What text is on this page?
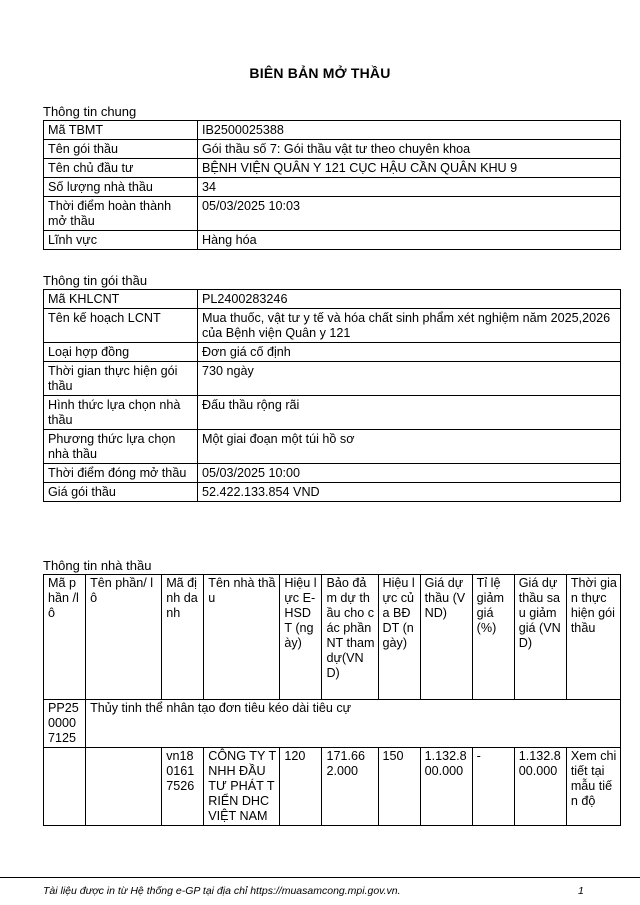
BIÊN BẢN MỞ THẦU
Thông tin chung
Mã TBMT	IB2500025388
Tên gói thầu	Gói thầu số 7: Gói thầu vật tư theo chuyên khoa
Tên chủ đầu tư	BỆNH VIỆN QUÂN Y 121 CỤC HẬU CẦN QUÂN KHU 9
Số lượng nhà thầu	34
Thời điểm hoàn thành mở thầu	05/03/2025 10:03
Lĩnh vực	Hàng hóa
Thông tin gói thầu
Mã KHLCNT	PL2400283246
Tên kế hoạch LCNT	Mua thuốc, vật tư y tế và hóa chất sinh phẩm xét nghiệm năm 2025,2026 của Bệnh viện Quân y 121
Loại hợp đồng	Đơn giá cố định
Thời gian thực hiện gói thầu	730 ngày
Hình thức lựa chọn nhà thầu	Đấu thầu rộng rãi
Phương thức lựa chọn nhà thầu	Một giai đoạn một túi hồ sơ
Thời điểm đóng mở thầu	05/03/2025 10:00
Giá gói thầu	52.422.133.854 VND
Thông tin nhà thầu
Mã phần /lô	Tên phần/ lô	Mã định danh	Tên nhà thầu	Hiệu lực E-HSDT (ngày)	Bảo đảm dự thầu cho các phần NT tham dự(VND)	Hiệu lực của BĐDT (ngày)	Giá dự thầu (VND)	Tỉ lệ giảm giá (%)	Giá dự thầu sau giảm giá (VND)	Thời gian thực hiện gói thầu
PP2500007125	Thủy tinh thể nhân tạo đơn tiêu kéo dài tiêu cự									
		vn1801617526	CÔNG TY TNHH ĐẦU TƯ PHÁT TRIỂN DHC VIỆT NAM	120	171.662.000	150	1.132.800.000	-	1.132.800.000	Xem chi tiết tại mẫu tiến độ
Tài liệu được in từ Hệ thống e-GP tại địa chỉ https://muasamcong.mpi.gov.vn.	1
